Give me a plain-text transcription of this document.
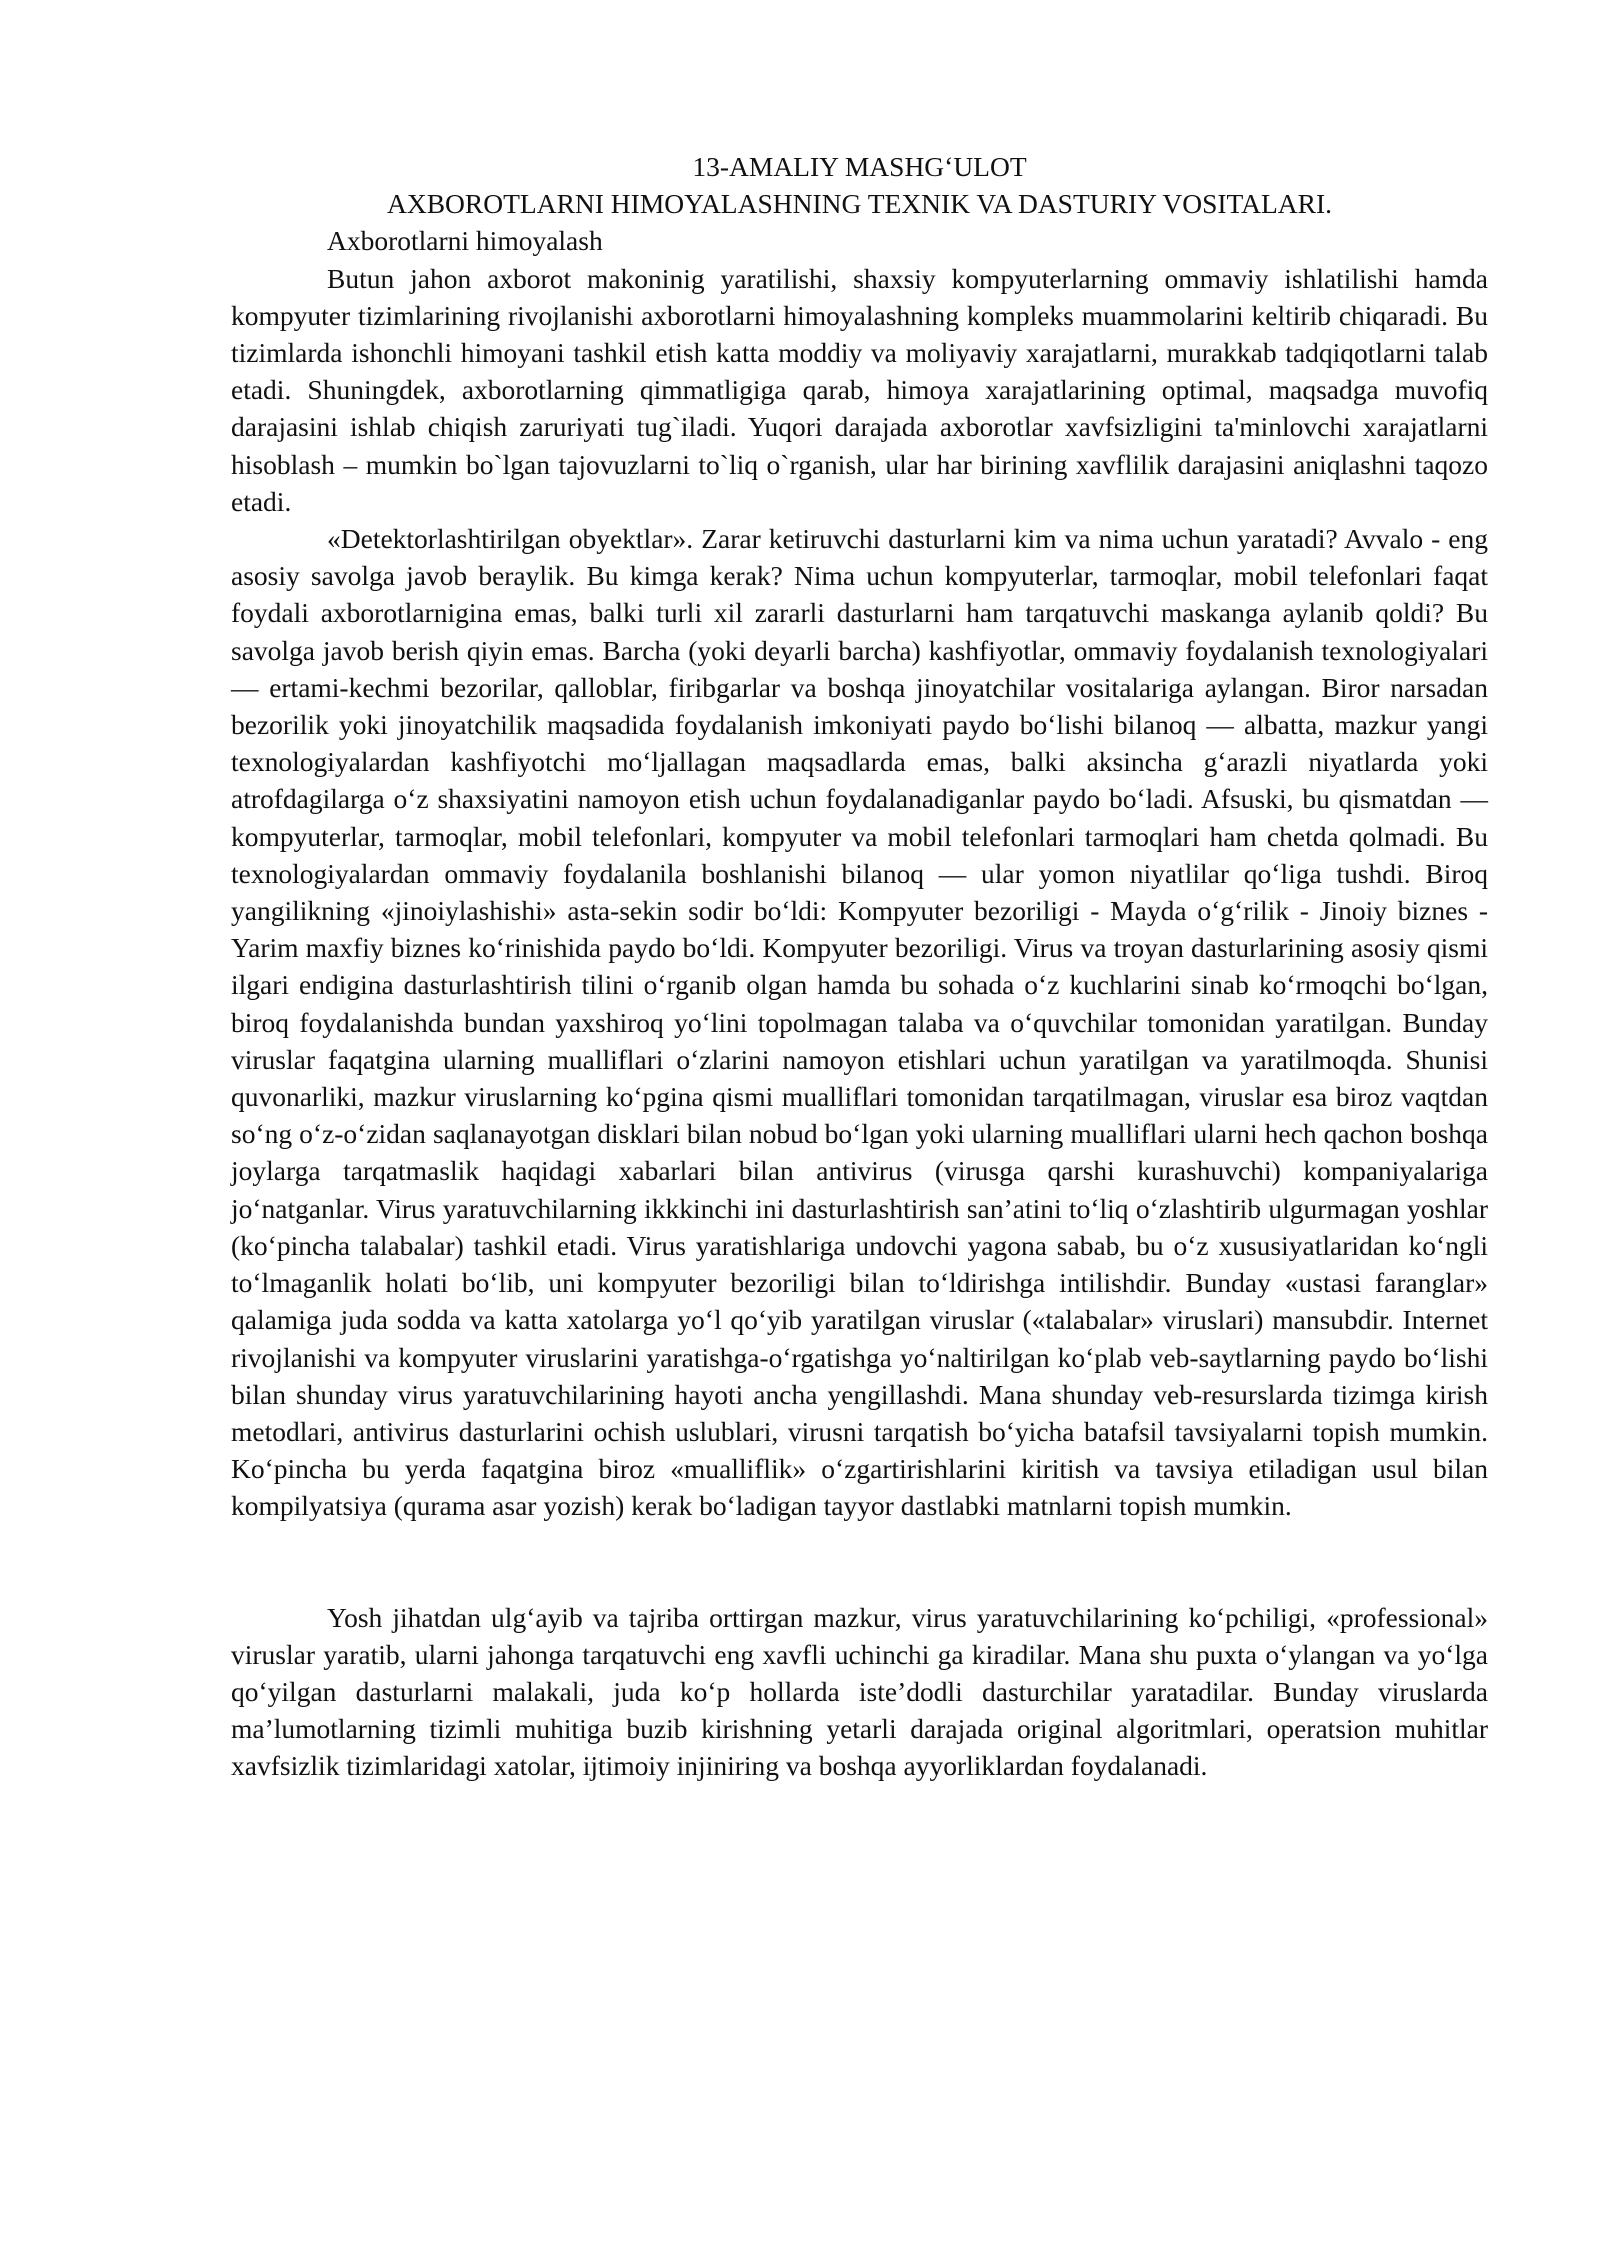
13-AMALIY MASHG‘ULOT

AXBOROTLARNI HIMOYALASHNING TEXNIK VA DASTURIY VOSITALARI.

Axborotlarni himoyalash

Butun jahon axborot makoninig yaratilishi, shaxsiy kompyuterlarning ommaviy ishlatilishi hamda kompyuter tizimlarining rivojlanishi axborotlarni himoyalashning kompleks muammolarini keltirib chiqaradi. Bu tizimlarda ishonchli himoyani tashkil etish katta moddiy va moliyaviy xarajatlarni, murakkab tadqiqotlarni talab etadi. Shuningdek, axborotlarning qimmatligiga qarab, himoya xarajatlarining optimal, maqsadga muvofiq darajasini ishlab chiqish zaruriyati tug`iladi. Yuqori darajada axborotlar xavfsizligini ta'minlovchi xarajatlarni hisoblash – mumkin bo`lgan tajovuzlarni to`liq o`rganish, ular har birining xavflilik darajasini aniqlashni taqozo etadi.

«Detektorlashtirilgan obyektlar». Zarar ketiruvchi dasturlarni kim va nima uchun yaratadi? Avvalo - eng asosiy savolga javob beraylik. Bu kimga kerak? Nima uchun kompyuterlar, tarmoqlar, mobil telefonlari faqat foydali axborotlarnigina emas, balki turli xil zararli dasturlarni ham tarqatuvchi maskanga aylanib qoldi? Bu savolga javob berish qiyin emas. Barcha (yoki deyarli barcha) kashfiyotlar, ommaviy foydalanish texnologiyalari — ertami-kechmi bezorilar, qalloblar, firibgarlar va boshqa jinoyatchilar vositalariga aylangan. Biror narsadan bezorilik yoki jinoyatchilik maqsadida foydalanish imkoniyati paydo bo‘lishi bilanoq — albatta, mazkur yangi texnologiyalardan kashfiyotchi mo‘ljallagan maqsadlarda emas, balki aksincha g‘arazli niyatlarda yoki atrofdagilarga o‘z shaxsiyatini namoyon etish uchun foydalanadiganlar paydo bo‘ladi. Afsuski, bu qismatdan — kompyuterlar, tarmoqlar, mobil telefonlari, kompyuter va mobil telefonlari tarmoqlari ham chetda qolmadi. Bu texnologiyalardan ommaviy foydalanila boshlanishi bilanoq — ular yomon niyatlilar qo‘liga tushdi. Biroq yangilikning «jinoiylashishi» asta-sekin sodir bo‘ldi: Kompyuter bezoriligi - Mayda o‘g‘rilik - Jinoiy biznes - Yarim maxfiy biznes ko‘rinishida paydo bo‘ldi. Kompyuter bezoriligi. Virus va troyan dasturlarining asosiy qismi ilgari endigina dasturlashtirish tilini o‘rganib olgan hamda bu sohada o‘z kuchlarini sinab ko‘rmoqchi bo‘lgan, biroq foydalanishda bundan yaxshiroq yo‘lini topolmagan talaba va o‘quvchilar tomonidan yaratilgan. Bunday viruslar faqatgina ularning mualliflari o‘zlarini namoyon etishlari uchun yaratilgan va yaratilmoqda. Shunisi quvonarliki, mazkur viruslarning ko‘pgina qismi mualliflari tomonidan tarqatilmagan, viruslar esa biroz vaqtdan so‘ng o‘z-o‘zidan saqlanayotgan disklari bilan nobud bo‘lgan yoki ularning mualliflari ularni hech qachon boshqa joylarga tarqatmaslik haqidagi xabarlari bilan antivirus (virusga qarshi kurashuvchi) kompaniyalariga jo‘natganlar. Virus yaratuvchilarning ikkkinchi ini dasturlashtirish san’atini to‘liq o‘zlashtirib ulgurmagan yoshlar (ko‘pincha talabalar) tashkil etadi. Virus yaratishlariga undovchi yagona sabab, bu o‘z xususiyatlaridan ko‘ngli to‘lmaganlik holati bo‘lib, uni kompyuter bezoriligi bilan to‘ldirishga intilishdir. Bunday «ustasi faranglar» qalamiga juda sodda va katta xatolarga yo‘l qo‘yib yaratilgan viruslar («talabalar» viruslari) mansubdir. Internet rivojlanishi va kompyuter viruslarini yaratishga-o‘rgatishga yo‘naltirilgan ko‘plab veb-saytlarning paydo bo‘lishi bilan shunday virus yaratuvchilarining hayoti ancha yengillashdi. Mana shunday veb-resurslarda tizimga kirish metodlari, antivirus dasturlarini ochish uslublari, virusni tarqatish bo‘yicha batafsil tavsiyalarni topish mumkin. Ko‘pincha bu yerda faqatgina biroz «mualliflik» o‘zgartirishlarini kiritish va tavsiya etiladigan usul bilan kompilyatsiya (qurama asar yozish) kerak bo‘ladigan tayyor dastlabki matnlarni topish mumkin.

Yosh jihatdan ulg‘ayib va tajriba orttirgan mazkur, virus yaratuvchilarining ko‘pchiligi, «professional» viruslar yaratib, ularni jahonga tarqatuvchi eng xavfli uchinchi ga kiradilar. Mana shu puxta o‘ylangan va yo‘lga qo‘yilgan dasturlarni malakali, juda ko‘p hollarda iste’dodli dasturchilar yaratadilar. Bunday viruslarda ma’lumotlarning tizimli muhitiga buzib kirishning yetarli darajada original algoritmlari, operatsion muhitlar xavfsizlik tizimlaridagi xatolar, ijtimoiy injiniring va boshqa ayyorliklardan foydalanadi.
